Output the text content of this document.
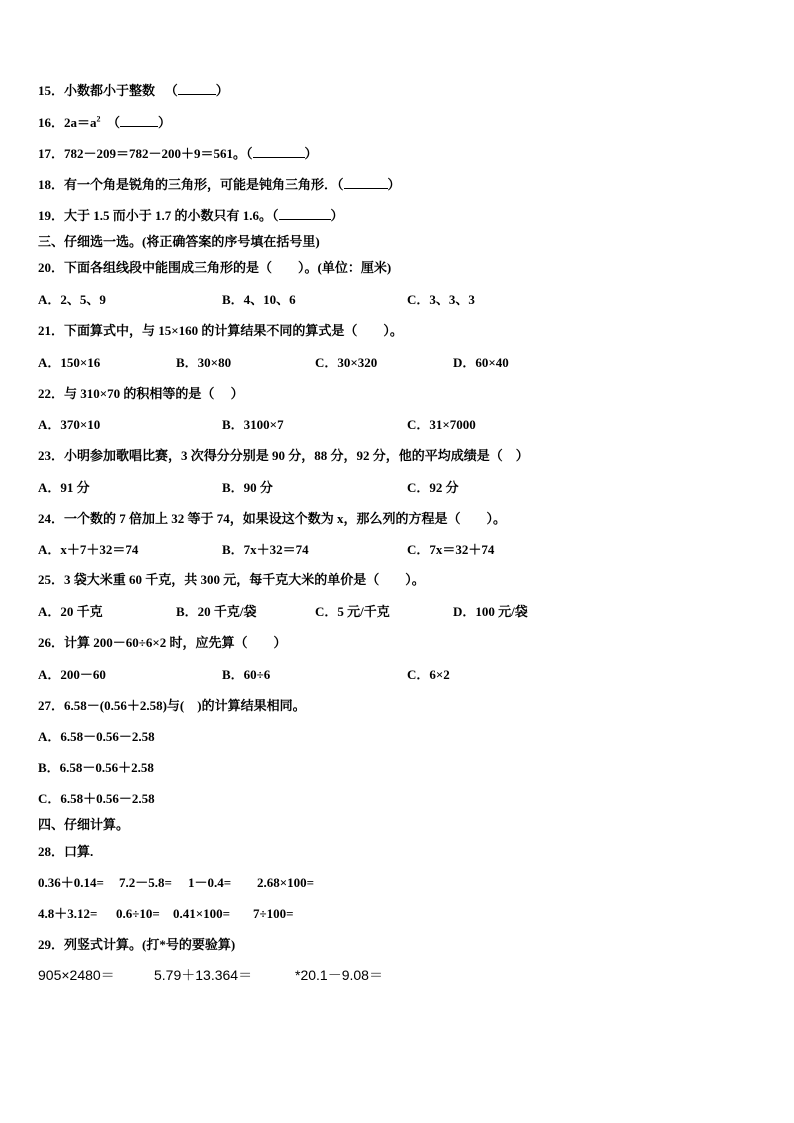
15．小数都小于整数 （	）
16．$2a=a^2$ （	）
17．782－209＝782－200＋9＝561。（	）
18．有一个角是锐角的三角形，可能是钝角三角形．（	）
19．大于 1.5 而小于 1.7 的小数只有 1.6。（	）
三、仔细选一选。(将正确答案的序号填在括号里)
20．下面各组线段中能围成三角形的是（　　）。(单位：厘米)
A．2、5、9	B．4、10、6	C．3、3、3
21．下面算式中，与 15×160 的计算结果不同的算式是（　　）。
A．150×16	B．30×80	C．30×320	D．60×40
22．与 310×70 的积相等的是（　 ）
A．370×10	B．3100×7	C．31×7000
23．小明参加歌唱比赛，3 次得分分别是 90 分，88 分，92 分，他的平均成绩是（　）
A．91 分	B．90 分	C．92 分
24．一个数的 7 倍加上 32 等于 74，如果设这个数为 x，那么列的方程是（　　）。
A．x＋7＋32＝74	B．7x＋32＝74	C．7x＝32＋74
25．3 袋大米重 60 千克，共 300 元，每千克大米的单价是（　　）。
A．20 千克	B．20 千克/袋	C．5 元/千克	D．100 元/袋
26．计算 200－60÷6×2 时，应先算（　　）
A．200－60	B．60÷6	C．6×2
27．6.58－(0.56＋2.58)与(　)的计算结果相同。
A．6.58－0.56－2.58
B．6.58－0.56＋2.58
C．6.58＋0.56－2.58
四、仔细计算。
28．口算.
0.36＋0.14= 7.2－5.8= 1－0.4= 2.68×100=
4.8＋3.12= 0.6÷10= 0.41×100= 7÷100=
29．列竖式计算。(打*号的要验算)
905×2480＝	5.79＋13.364＝	*20.1－9.08＝
